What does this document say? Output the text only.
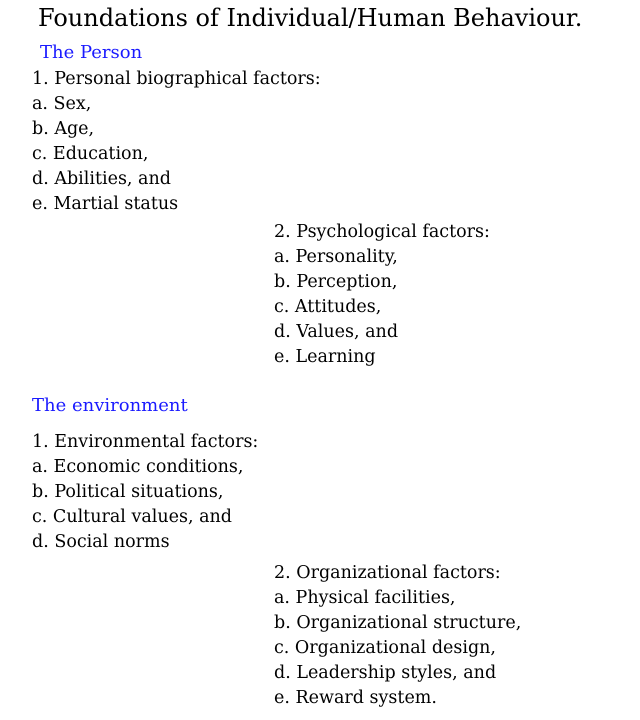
Foundations of Individual/Human Behaviour.
The Person
1. Personal biographical factors:
a. Sex,
b. Age,
c. Education,
d. Abilities, and
e. Martial status
2. Psychological factors:
a. Personality,
b. Perception,
c. Attitudes,
d. Values, and
e. Learning
The environment
1. Environmental factors:
a. Economic conditions,
b. Political situations,
c. Cultural values, and
d. Social norms
2. Organizational factors:
a. Physical facilities,
b. Organizational structure,
c. Organizational design,
d. Leadership styles, and
e. Reward system.
